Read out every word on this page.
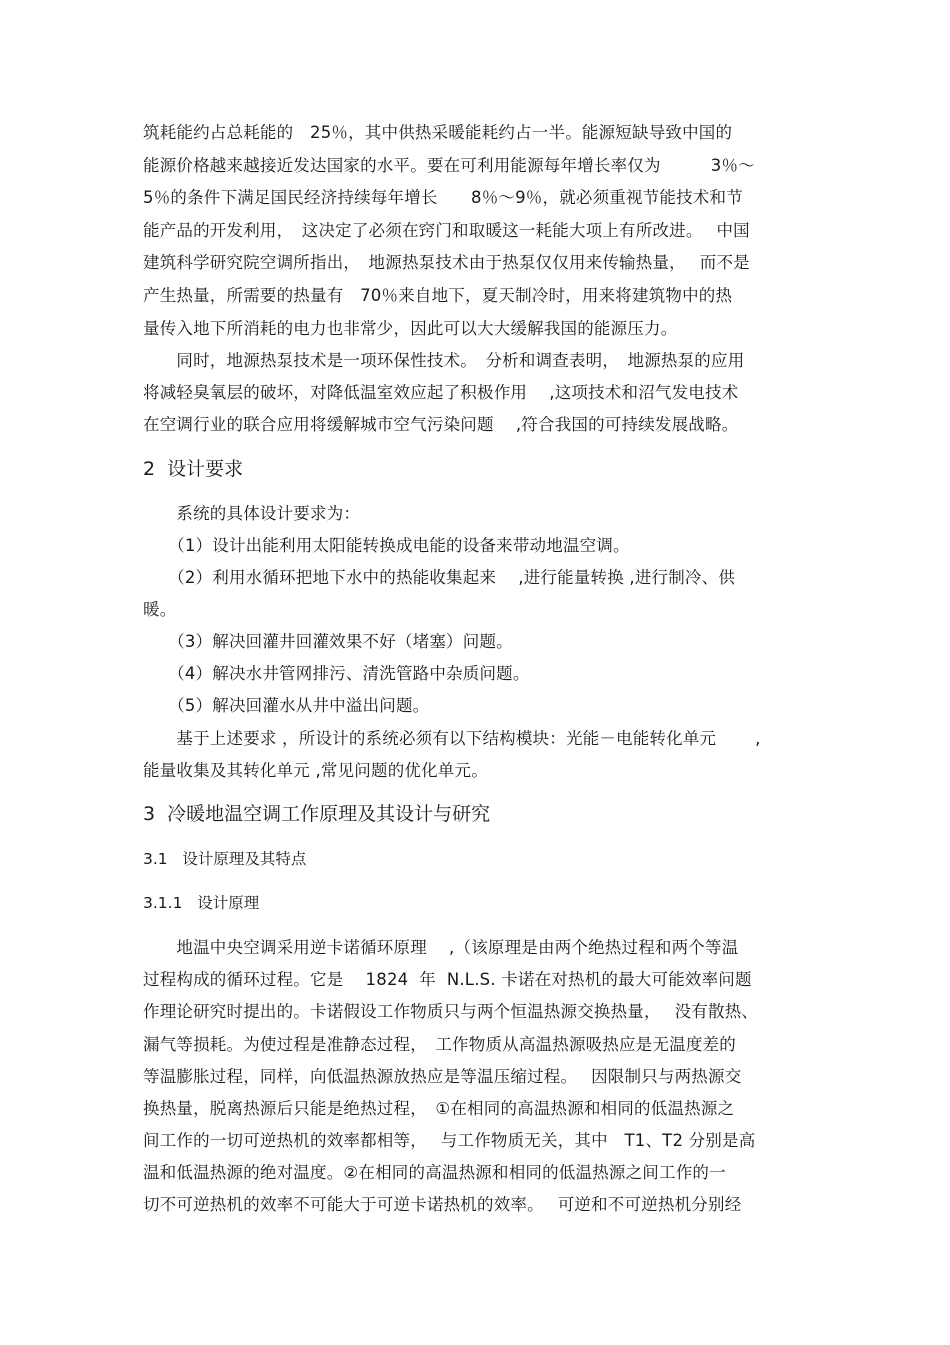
筑耗能约占总耗能的　25％，其中供热采暖能耗约占一半。能源短缺导致中国的
能源价格越来越接近发达国家的水平。要在可利用能源每年增长率仅为　　　3％～
5％的条件下满足国民经济持续每年增长　　8％～9％，就必须重视节能技术和节
能产品的开发利用，　这决定了必须在窍门和取暖这一耗能大项上有所改进。　 中国
建筑科学研究院空调所指出，　地源热泵技术由于热泵仅仅用来传输热量，　 而不是
产生热量，所需要的热量有　70％来自地下，夏天制冷时，用来将建筑物中的热
量传入地下所消耗的电力也非常少，因此可以大大缓解我国的能源压力。
　　同时，地源热泵技术是一项环保性技术。　分析和调查表明，　地源热泵的应用
将减轻臭氧层的破坏，对降低温室效应起了积极作用　 ,这项技术和沼气发电技术
在空调行业的联合应用将缓解城市空气污染问题　 ,符合我国的可持续发展战略。
2  设计要求
　　系统的具体设计要求为：
　　（1）设计出能利用太阳能转换成电能的设备来带动地温空调。
　　（2）利用水循环把地下水中的热能收集起来　 ,进行能量转换 ,进行制冷、供
暖。
　　（3）解决回灌井回灌效果不好（堵塞）问题。
　　（4）解决水井管网排污、清洗管路中杂质问题。
　　（5）解决回灌水从井中溢出问题。
　　基于上述要求 ，所设计的系统必须有以下结构模块：光能－电能转化单元　　 ,
能量收集及其转化单元 ,常见问题的优化单元。
3  冷暖地温空调工作原理及其设计与研究
3.1   设计原理及其特点
3.1.1   设计原理
　　地温中央空调采用逆卡诺循环原理　 ,（该原理是由两个绝热过程和两个等温
过程构成的循环过程。它是　 1824  年  N.L.S. 卡诺在对热机的最大可能效率问题
作理论研究时提出的。卡诺假设工作物质只与两个恒温热源交换热量，　 没有散热、
漏气等损耗。为使过程是准静态过程，　工作物质从高温热源吸热应是无温度差的
等温膨胀过程，同样，向低温热源放热应是等温压缩过程。　 因限制只与两热源交
换热量，脱离热源后只能是绝热过程，　①在相同的高温热源和相同的低温热源之
间工作的一切可逆热机的效率都相等，　 与工作物质无关，其中　T1、T2 分别是高
温和低温热源的绝对温度。②在相同的高温热源和相同的低温热源之间工作的一
切不可逆热机的效率不可能大于可逆卡诺热机的效率。　 可逆和不可逆热机分别经
